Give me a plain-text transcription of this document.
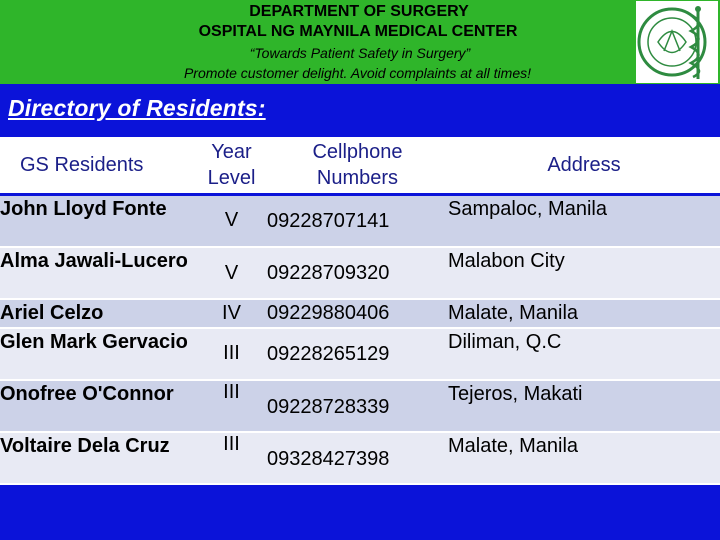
DEPARTMENT OF SURGERY
OSPITAL NG MAYNILA MEDICAL CENTER
“Towards Patient Safety in Surgery”
Promote customer delight. Avoid complaints at all times!
Directory of Residents:
GS Residents	Year Level	Cellphone Numbers	Address
John Lloyd Fonte	V	09228707141	Sampaloc, Manila
Alma Jawali-Lucero	V	09228709320	Malabon City
Ariel Celzo	IV	09229880406	Malate, Manila
Glen Mark Gervacio	III	09228265129	Diliman, Q.C
Onofree O'Connor	III	09228728339	Tejeros, Makati
Voltaire Dela Cruz	III	09328427398	Malate, Manila
